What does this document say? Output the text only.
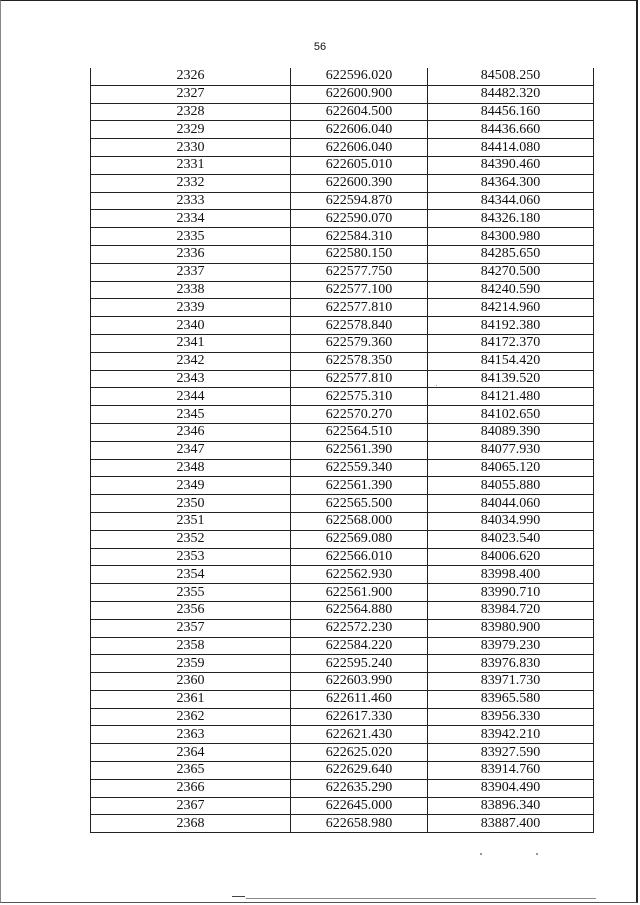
56
2326	622596.020	84508.250
2327	622600.900	84482.320
2328	622604.500	84456.160
2329	622606.040	84436.660
2330	622606.040	84414.080
2331	622605.010	84390.460
2332	622600.390	84364.300
2333	622594.870	84344.060
2334	622590.070	84326.180
2335	622584.310	84300.980
2336	622580.150	84285.650
2337	622577.750	84270.500
2338	622577.100	84240.590
2339	622577.810	84214.960
2340	622578.840	84192.380
2341	622579.360	84172.370
2342	622578.350	84154.420
2343	622577.810	84139.520
2344	622575.310	84121.480
2345	622570.270	84102.650
2346	622564.510	84089.390
2347	622561.390	84077.930
2348	622559.340	84065.120
2349	622561.390	84055.880
2350	622565.500	84044.060
2351	622568.000	84034.990
2352	622569.080	84023.540
2353	622566.010	84006.620
2354	622562.930	83998.400
2355	622561.900	83990.710
2356	622564.880	83984.720
2357	622572.230	83980.900
2358	622584.220	83979.230
2359	622595.240	83976.830
2360	622603.990	83971.730
2361	622611.460	83965.580
2362	622617.330	83956.330
2363	622621.430	83942.210
2364	622625.020	83927.590
2365	622629.640	83914.760
2366	622635.290	83904.490
2367	622645.000	83896.340
2368	622658.980	83887.400
